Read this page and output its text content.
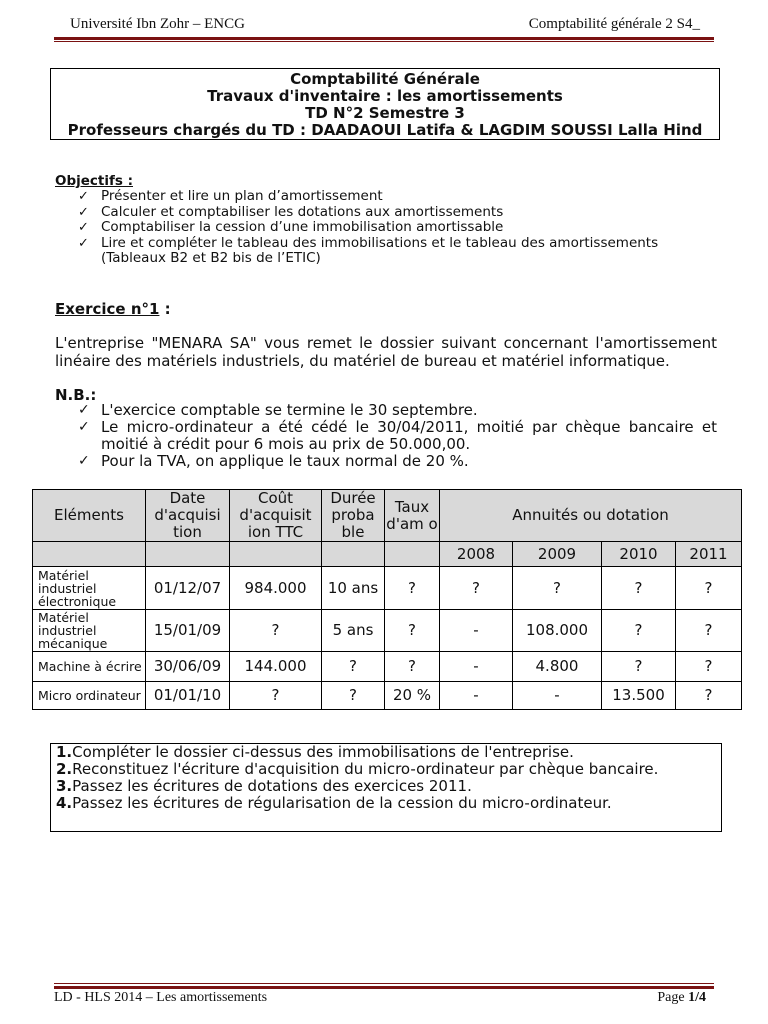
Université Ibn Zohr – ENCG	Comptabilité générale 2 S4_
Comptabilité Générale
Travaux d'inventaire : les amortissements
TD N°2 Semestre 3
Professeurs chargés du TD : DAADAOUI Latifa & LAGDIM SOUSSI Lalla Hind
Objectifs :
✓ Présenter et lire un plan d’amortissement
✓ Calculer et comptabiliser les dotations aux amortissements
✓ Comptabiliser la cession d’une immobilisation amortissable
✓ Lire et compléter le tableau des immobilisations et le tableau des amortissements (Tableaux B2 et B2 bis de l’ETIC)
Exercice n°1 :
L'entreprise "MENARA SA" vous remet le dossier suivant concernant l'amortissement linéaire des matériels industriels, du matériel de bureau et matériel informatique.
N.B.:
✓ L'exercice comptable se termine le 30 septembre.
✓ Le micro-ordinateur a été cédé le 30/04/2011, moitié par chèque bancaire et moitié à crédit pour 6 mois au prix de 50.000,00.
✓ Pour la TVA, on applique le taux normal de 20 %.
Eléments	Date d'acquisi tion	Coût d'acquisit ion TTC	Durée proba ble	Taux d'am o	Annuités ou dotation			
					2008	2009	2010	2011
Matériel industriel électronique	01/12/07	984.000	10 ans	?	?	?	?	?
Matériel industriel mécanique	15/01/09	?	5 ans	?	-	108.000	?	?
Machine à écrire	30/06/09	144.000	?	?	-	4.800	?	?
Micro ordinateur	01/01/10	?	?	20 %	-	-	13.500	?
1.Compléter le dossier ci-dessus des immobilisations de l'entreprise.
2.Reconstituez l'écriture d'acquisition du micro-ordinateur par chèque bancaire.
3.Passez les écritures de dotations des exercices 2011.
4.Passez les écritures de régularisation de la cession du micro-ordinateur.
LD - HLS 2014 – Les amortissements	Page 1/4
